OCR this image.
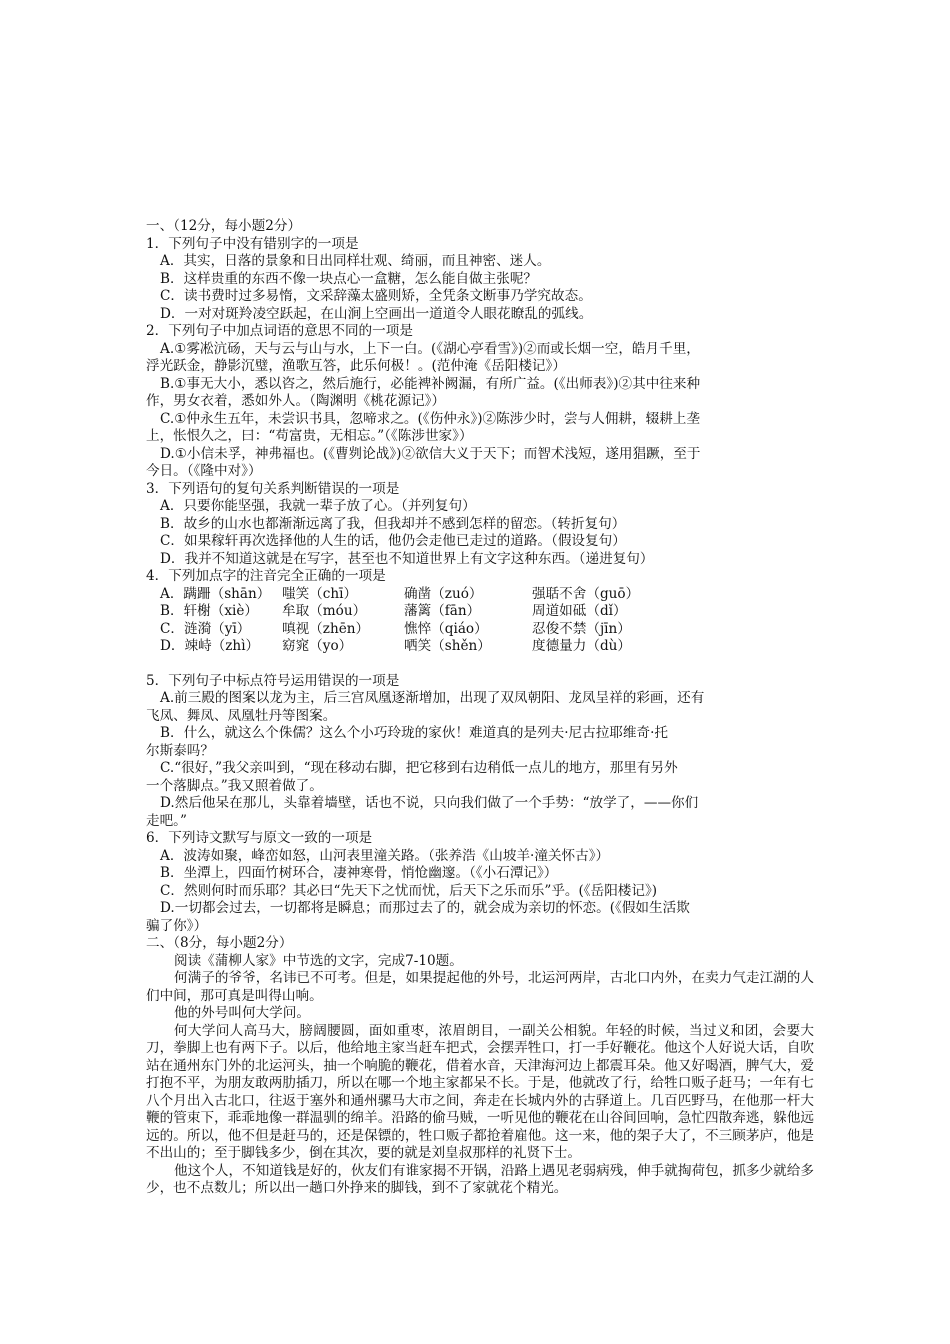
一、（12分，每小题2分）
1．下列句子中没有错别字的一项是
A．其实，日落的景象和日出同样壮观、绮丽，而且神密、迷人。
B．这样贵重的东西不像一块点心一盒糖，怎么能自做主张呢？
C．读书费时过多易惰，文采辞藻太盛则矫，全凭条文断事乃学究故态。
D．一对对斑羚凌空跃起，在山涧上空画出一道道令人眼花瞭乱的弧线。
2．下列句子中加点词语的意思不同的一项是
A.①雾凇沆砀，天与云与山与水，上下一白。(《湖心亭看雪》)②而或长烟一空，皓月千里，
浮光跃金，静影沉璧，渔歌互答，此乐何极！。(范仲淹《岳阳楼记》）
B.①事无大小，悉以咨之，然后施行，必能裨补阙漏，有所广益。(《出师表》)②其中往来种
作，男女衣着，悉如外人。（陶渊明《桃花源记》）
C.①仲永生五年，未尝识书具，忽啼求之。(《伤仲永》)②陈涉少时，尝与人佣耕，辍耕上垄
上，怅恨久之，曰：“苟富贵，无相忘。”（《陈涉世家》）
D.①小信未孚，神弗福也。(《曹刿论战》)②欲信大义于天下；而智术浅短，遂用猖蹶，至于
今日。（《隆中对》）
3．下列语句的复句关系判断错误的一项是
A．只要你能坚强，我就一辈子放了心。（并列复句）
B．故乡的山水也都渐渐远离了我，但我却并不感到怎样的留恋。（转折复句）
C．如果稼轩再次选择他的人生的话，他仍会走他已走过的道路。（假设复句）
D．我并不知道这就是在写字，甚至也不知道世界上有文字这种东西。（递进复句）
4．下列加点字的注音完全正确的一项是
A．蹒跚（shān） 嗤笑（chī）	确凿（zuó）	强聒不舍（guō）
B．轩榭（xiè）	牟取（móu）	藩篱（fān）	周道如砥（dǐ）
C．涟漪（yī）	嗔视（zhēn）	憔悴（qiáo）	忍俊不禁（jīn）
D．竦峙（zhì）	窈窕（yo）	哂笑（shěn）	度德量力（dù）
5．下列句子中标点符号运用错误的一项是
A.前三殿的图案以龙为主，后三宫凤凰逐渐增加，出现了双凤朝阳、龙凤呈祥的彩画，还有
飞凤、舞凤、凤凰牡丹等图案。
B．什么，就这么个侏儒？这么个小巧玲珑的家伙！难道真的是列夫·尼古拉耶维奇·托
尔斯泰吗？
C.“很好，”我父亲叫到，“现在移动右脚，把它移到右边稍低一点儿的地方，那里有另外
一个落脚点。”我又照着做了。
D.然后他呆在那儿，头靠着墙壁，话也不说，只向我们做了一个手势：“放学了，——你们
走吧。”
6．下列诗文默写与原文一致的一项是
A．波涛如聚，峰峦如怒，山河表里潼关路。（张养浩《山坡羊·潼关怀古》）
B．坐潭上，四面竹树环合，凄神寒骨，悄怆幽邃。（《小石潭记》）
C．然则何时而乐耶？其必曰“先天下之忧而忧，后天下之乐而乐”乎。(《岳阳楼记》)
D.一切都会过去，一切都将是瞬息；而那过去了的，就会成为亲切的怀恋。(《假如生活欺
骗了你》）
二、（8分，每小题2分）
阅读《蒲柳人家》中节选的文字，完成7-10题。
何满子的爷爷，名讳已不可考。但是，如果提起他的外号，北运河两岸，古北口内外，在卖力气走江湖的人们中间，那可真是叫得山响。
他的外号叫何大学问。
何大学问人高马大，膀阔腰圆，面如重枣，浓眉朗目，一副关公相貌。年轻的时候，当过义和团，会要大刀，拳脚上也有两下子。以后，他给地主家当赶车把式，会摆弄牲口，打一手好鞭花。他这个人好说大话，自吹站在通州东门外的北运河头，抽一个响脆的鞭花，借着水音，天津海河边上都震耳朵。他又好喝酒，脾气大，爱打抱不平，为朋友敢两肋插刀，所以在哪一个地主家都呆不长。于是，他就改了行，给牲口贩子赶马；一年有七八个月出入古北口，往返于塞外和通州骡马大市之间，奔走在长城内外的古驿道上。几百匹野马，在他那一杆大鞭的管束下，乖乖地像一群温驯的绵羊。沿路的偷马贼，一听见他的鞭花在山谷间回响，急忙四散奔逃，躲他远远的。所以，他不但是赶马的，还是保镖的，牲口贩子都抢着雇他。这一来，他的架子大了，不三顾茅庐，他是不出山的；至于脚钱多少，倒在其次，要的就是刘皇叔那样的礼贤下士。
他这个人，不知道钱是好的，伙友们有谁家揭不开锅，沿路上遇见老弱病残，伸手就掏荷包，抓多少就给多少，也不点数儿；所以出一趟口外挣来的脚钱，到不了家就花个精光。
